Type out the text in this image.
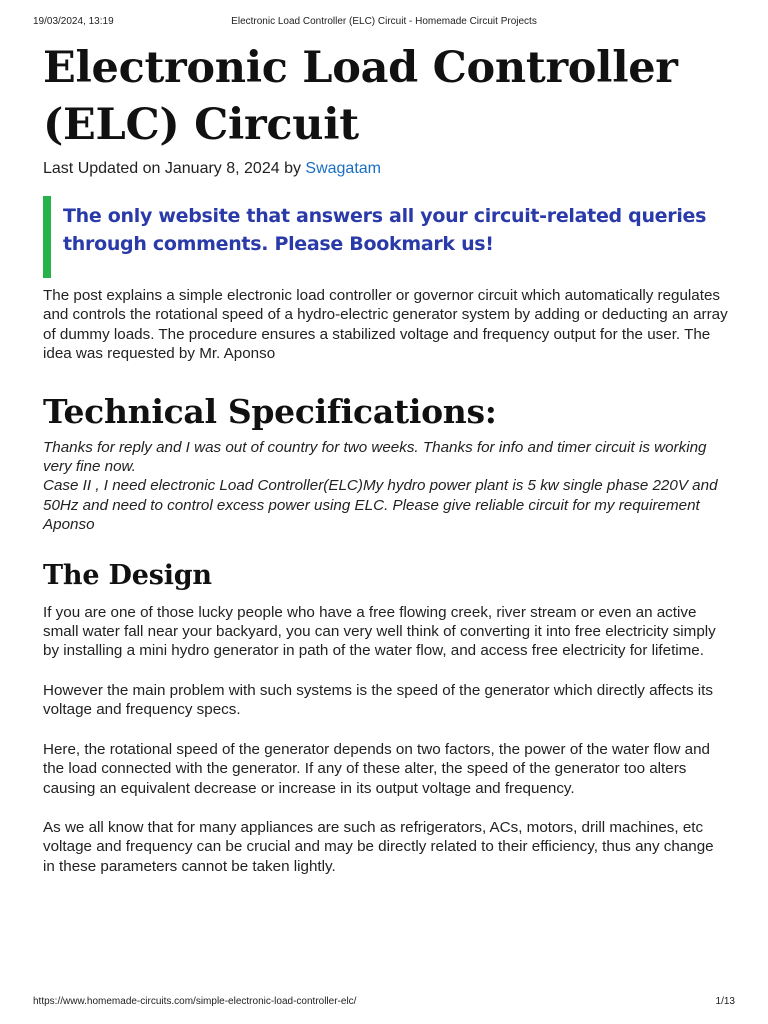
19/03/2024, 13:19	Electronic Load Controller (ELC) Circuit - Homemade Circuit Projects
Electronic Load Controller (ELC) Circuit
Last Updated on January 8, 2024 by Swagatam
The only website that answers all your circuit-related queries through comments. Please Bookmark us!

The post explains a simple electronic load controller or governor circuit which automatically regulates and controls the rotational speed of a hydro-electric generator system by adding or deducting an array of dummy loads. The procedure ensures a stabilized voltage and frequency output for the user. The idea was requested by Mr. Aponso

Technical Specifications:

Thanks for reply and I was out of country for two weeks. Thanks for info and timer circuit is working very fine now.

Case II , I need electronic Load Controller(ELC)My hydro power plant is 5 kw single phase 220V and 50Hz and need to control excess power using ELC. Please give reliable circuit for my requirement

Aponso

The Design

If you are one of those lucky people who have a free flowing creek, river stream or even an active small water fall near your backyard, you can very well think of converting it into free electricity simply by installing a mini hydro generator in path of the water flow, and access free electricity for lifetime.

However the main problem with such systems is the speed of the generator which directly affects its voltage and frequency specs.

Here, the rotational speed of the generator depends on two factors, the power of the water flow and the load connected with the generator. If any of these alter, the speed of the generator too alters causing an equivalent decrease or increase in its output voltage and frequency.

As we all know that for many appliances are such as refrigerators, ACs, motors, drill machines, etc voltage and frequency can be crucial and may be directly related to their efficiency, thus any change in these parameters cannot be taken lightly.

https://www.homemade-circuits.com/simple-electronic-load-controller-elc/	1/13
